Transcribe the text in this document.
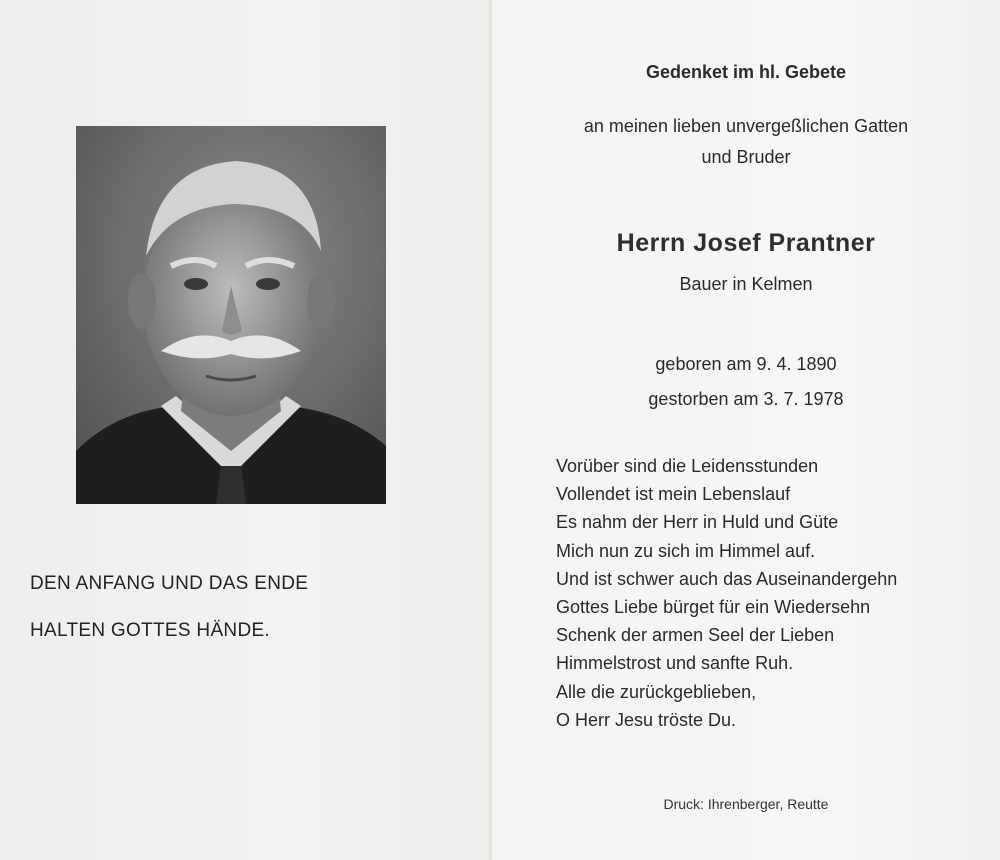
DEN ANFANG UND DAS ENDE
HALTEN GOTTES HÄNDE.
Gedenket im hl. Gebete
an meinen lieben unvergeßlichen Gatten
und Bruder
Herrn Josef Prantner
Bauer in Kelmen
geboren am 9. 4. 1890
gestorben am 3. 7. 1978
Vorüber sind die Leidensstunden
Vollendet ist mein Lebenslauf
Es nahm der Herr in Huld und Güte
Mich nun zu sich im Himmel auf.
Und ist schwer auch das Auseinandergehn
Gottes Liebe bürget für ein Wiedersehn
Schenk der armen Seel der Lieben
Himmelstrost und sanfte Ruh.
Alle die zurückgeblieben,
O Herr Jesu tröste Du.
Druck: Ihrenberger, Reutte
